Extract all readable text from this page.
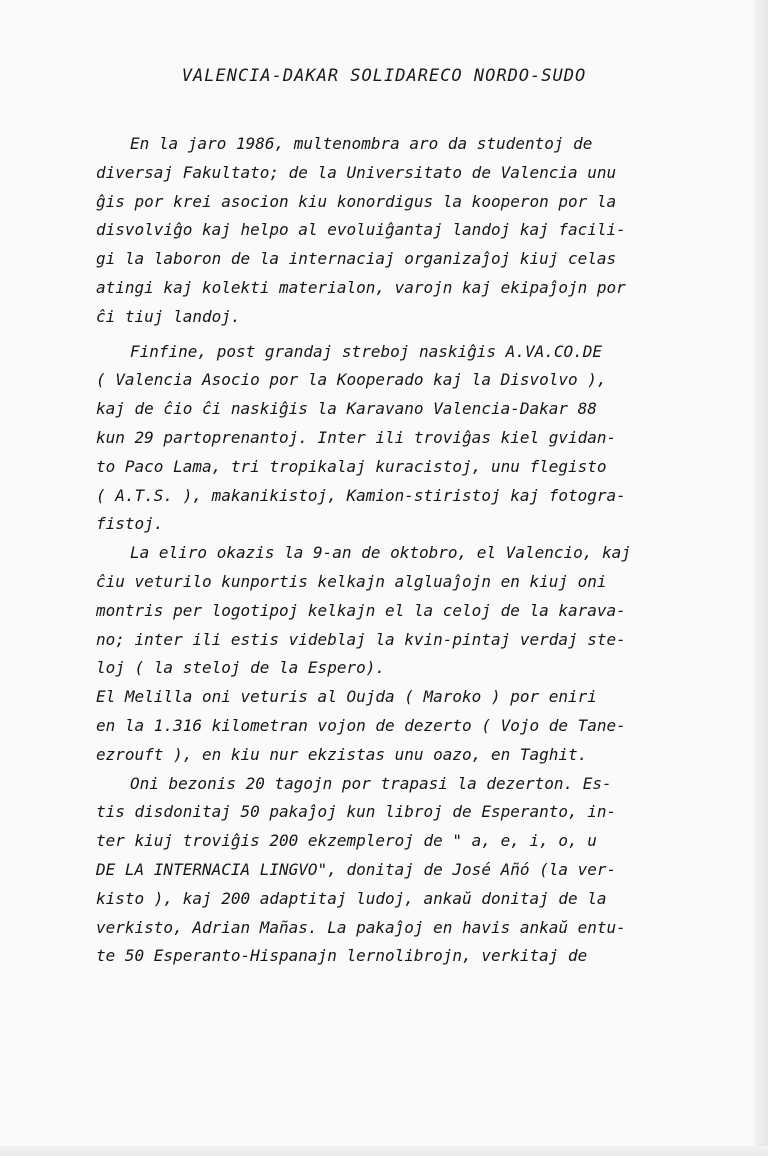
VALENCIA-DAKAR SOLIDARECO NORDO-SUDO
En la jaro 1986, multenombra aro da studentoj de
diversaj Fakultato; de la Universitato de Valencia unu
ĝis por krei asocion kiu konordigus la kooperon por la
disvolviĝo kaj helpo al evoluiĝantaj landoj kaj facili-
gi la laboron de la internaciaj organizaĵoj kiuj celas
atingi kaj kolekti materialon, varojn kaj ekipaĵojn por
ĉi tiuj landoj.
Finfine, post grandaj streboj naskiĝis A.VA.CO.DE
( Valencia Asocio por la Kooperado kaj la Disvolvo ),
kaj de ĉio ĉi naskiĝis la Karavano Valencia-Dakar 88
kun 29 partoprenantoj. Inter ili troviĝas kiel gvidan-
to Paco Lama, tri tropikalaj kuracistoj, unu flegisto
( A.T.S. ), makanikistoj, Kamion-stiristoj kaj fotogra-
fistoj.
La eliro okazis la 9-an de oktobro, el Valencio, kaj
ĉiu veturilo kunportis kelkajn algluaĵojn en kiuj oni
montris per logotipoj kelkajn el la celoj de la karava-
no; inter ili estis videblaj la kvin-pintaj verdaj ste-
loj ( la steloj de la Espero).
El Melilla oni veturis al Oujda ( Maroko ) por eniri
en la 1.316 kilometran vojon de dezerto ( Vojo de Tane-
ezrouft ), en kiu nur ekzistas unu oazo, en Taghit.
Oni bezonis 20 tagojn por trapasi la dezerton. Es-
tis disdonitaj 50 pakaĵoj kun libroj de Esperanto, in-
ter kiuj troviĝis 200 ekzempleroj de " a, e, i, o, u
DE LA INTERNACIA LINGVO", donitaj de José Añó (la ver-
kisto ), kaj 200 adaptitaj ludoj, ankaŭ donitaj de la
verkisto, Adrian Mañas. La pakaĵoj en havis ankaŭ entu-
te 50 Esperanto-Hispanajn lernolibrojn, verkitaj de
